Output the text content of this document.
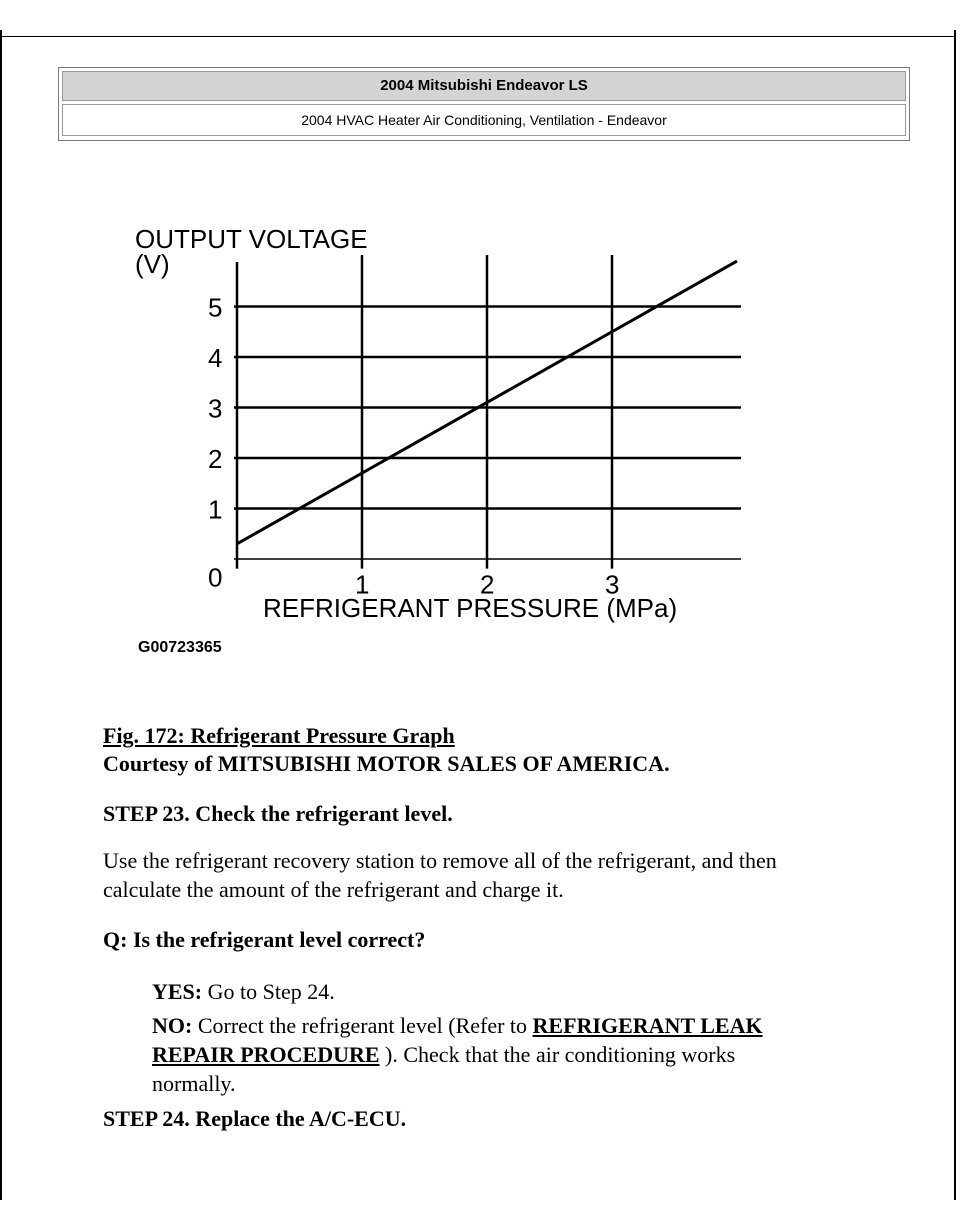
2004 Mitsubishi Endeavor LS
2004 HVAC Heater Air Conditioning, Ventilation - Endeavor
0
1
2
3
4
5
1	2	3
OUTPUT VOLTAGE
(V)
REFRIGERANT PRESSURE (MPa)
G00723365
Fig. 172: Refrigerant Pressure Graph
Courtesy of MITSUBISHI MOTOR SALES OF AMERICA.
STEP 23. Check the refrigerant level.
Use the refrigerant recovery station to remove all of the refrigerant, and then
calculate the amount of the refrigerant and charge it.
Q: Is the refrigerant level correct?
YES: Go to Step 24.
NO: Correct the refrigerant level (Refer to REFRIGERANT LEAK
REPAIR PROCEDURE ). Check that the air conditioning works
normally.
STEP 24. Replace the A/C-ECU.
